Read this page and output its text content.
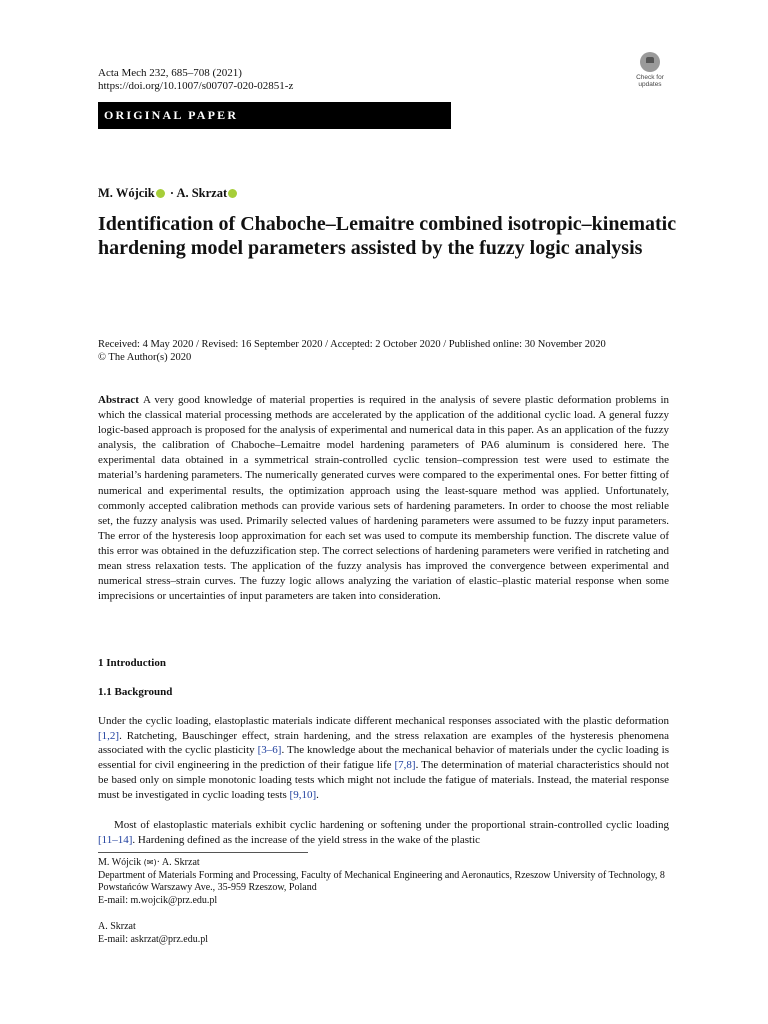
Acta Mech 232, 685–708 (2021)
https://doi.org/10.1007/s00707-020-02851-z
Check for
updates
ORIGINAL PAPER
M. Wójcik · A. Skrzat
Identification of Chaboche–Lemaitre combined isotropic–kinematic hardening model parameters assisted by the fuzzy logic analysis
Received: 4 May 2020 / Revised: 16 September 2020 / Accepted: 2 October 2020 / Published online: 30 November 2020
© The Author(s) 2020

Abstract A very good knowledge of material properties is required in the analysis of severe plastic deformation problems in which the classical material processing methods are accelerated by the application of the additional cyclic load. A general fuzzy logic-based approach is proposed for the analysis of experimental and numerical data in this paper. As an application of the fuzzy analysis, the calibration of Chaboche–Lemaitre model hardening parameters of PA6 aluminum is considered here. The experimental data obtained in a symmetrical strain-controlled cyclic tension–compression test were used to estimate the material’s hardening parameters. The numerically generated curves were compared to the experimental ones. For better fitting of numerical and experimental results, the optimization approach using the least-square method was applied. Unfortunately, commonly accepted calibration methods can provide various sets of hardening parameters. In order to choose the most reliable set, the fuzzy analysis was used. Primarily selected values of hardening parameters were assumed to be fuzzy input parameters. The error of the hysteresis loop approximation for each set was used to compute its membership function. The discrete value of this error was obtained in the defuzzification step. The correct selections of hardening parameters were verified in ratcheting and mean stress relaxation tests. The application of the fuzzy analysis has improved the convergence between experimental and numerical stress–strain curves. The fuzzy logic allows analyzing the variation of elastic–plastic material response when some imprecisions or uncertainties of input parameters are taken into consideration.

1 Introduction
1.1 Background

Under the cyclic loading, elastoplastic materials indicate different mechanical responses associated with the plastic deformation [1,2]. Ratcheting, Bauschinger effect, strain hardening, and the stress relaxation are examples of the hysteresis phenomena associated with the cyclic plasticity [3–6]. The knowledge about the mechanical behavior of materials under the cyclic loading is essential for civil engineering in the prediction of their fatigue life [7,8]. The determination of material characteristics should not be based only on simple monotonic loading tests which might not include the fatigue of materials. Instead, the material response must be investigated in cyclic loading tests [9,10].

Most of elastoplastic materials exhibit cyclic hardening or softening under the proportional strain-controlled cyclic loading [11–14]. Hardening defined as the increase of the yield stress in the wake of the plastic

M. Wójcik (✉)· A. Skrzat
Department of Materials Forming and Processing, Faculty of Mechanical Engineering and Aeronautics, Rzeszow University of Technology, 8 Powstańców Warszawy Ave., 35-959 Rzeszow, Poland
E-mail: m.wojcik@prz.edu.pl
A. Skrzat
E-mail: askrzat@prz.edu.pl
